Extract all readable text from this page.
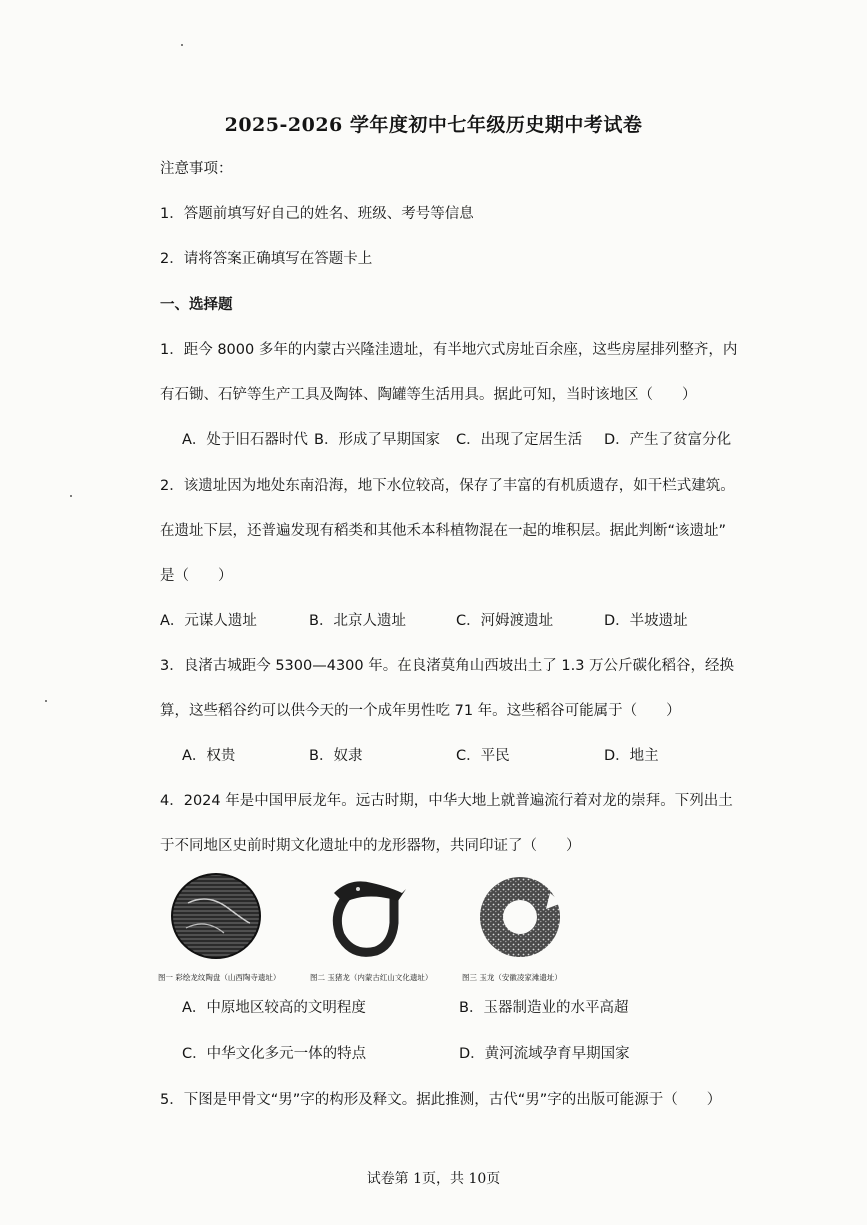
2025-2026 学年度初中七年级历史期中考试卷
注意事项：
1．答题前填写好自己的姓名、班级、考号等信息
2．请将答案正确填写在答题卡上
一、选择题
1．距今 8000 多年的内蒙古兴隆洼遗址，有半地穴式房址百余座，这些房屋排列整齐，内
有石锄、石铲等生产工具及陶钵、陶罐等生活用具。据此可知，当时该地区（　　）
A．处于旧石器时代 B．形成了早期国家 C．出现了定居生活 D．产生了贫富分化
2．该遗址因为地处东南沿海，地下水位较高，保存了丰富的有机质遗存，如干栏式建筑。
在遗址下层，还普遍发现有稻类和其他禾本科植物混在一起的堆积层。据此判断“该遗址”
是（　　）
A．元谋人遗址	B．北京人遗址	C．河姆渡遗址	D．半坡遗址
3．良渚古城距今 5300—4300 年。在良渚莫角山西坡出土了 1.3 万公斤碳化稻谷，经换
算，这些稻谷约可以供今天的一个成年男性吃 71 年。这些稻谷可能属于（　　）
A．权贵	B．奴隶	C．平民	D．地主
4．2024 年是中国甲辰龙年。远古时期，中华大地上就普遍流行着对龙的崇拜。下列出土
于不同地区史前时期文化遗址中的龙形器物，共同印证了（　　）
图一 彩绘龙纹陶盘（山西陶寺遗址）	图二 玉猪龙（内蒙古红山文化遗址）	图三 玉龙（安徽凌家滩遗址）
A．中原地区较高的文明程度	B．玉器制造业的水平高超
C．中华文化多元一体的特点	D．黄河流域孕育早期国家
5．下图是甲骨文“男”字的构形及释文。据此推测，古代“男”字的出版可能源于（　　）
试卷第 1页，共 10页
